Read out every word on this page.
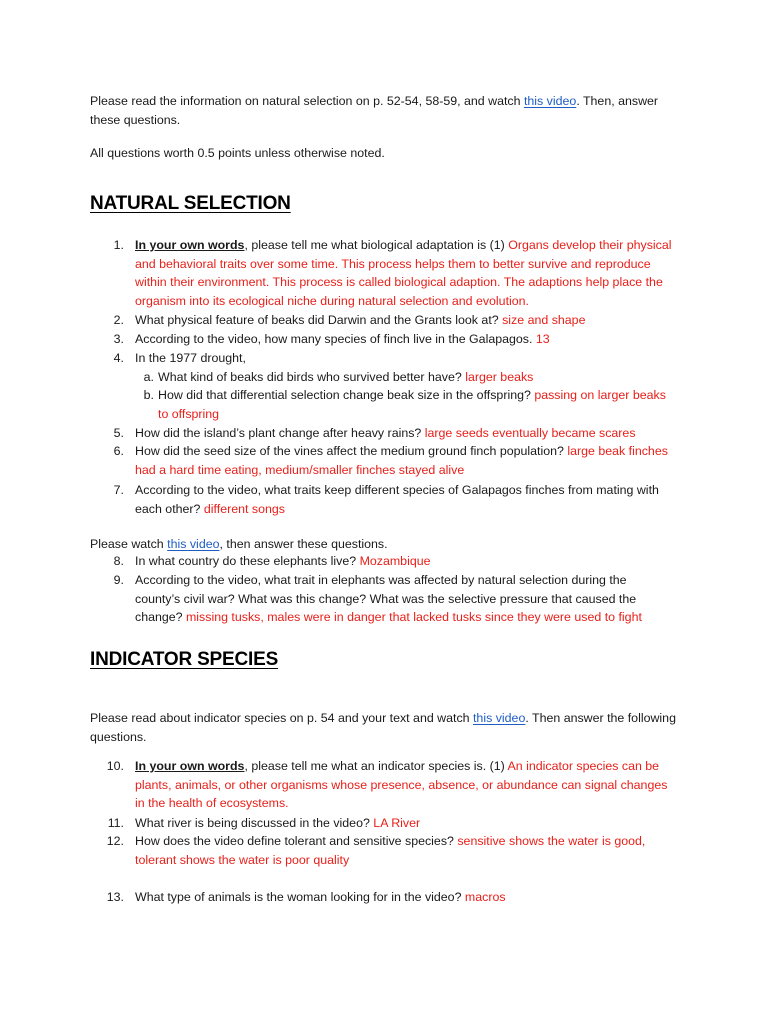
Please read the information on natural selection on p. 52-54, 58-59, and watch this video. Then, answer these questions.

All questions worth 0.5 points unless otherwise noted.

NATURAL SELECTION
1. In your own words, please tell me what biological adaptation is (1) Organs develop their physical and behavioral traits over some time. This process helps them to better survive and reproduce within their environment. This process is called biological adaption. The adaptions help place the organism into its ecological niche during natural selection and evolution.
2. What physical feature of beaks did Darwin and the Grants look at? size and shape
3. According to the video, how many species of finch live in the Galapagos. 13
4. In the 1977 drought,
a. What kind of beaks did birds who survived better have? larger beaks
b. How did that differential selection change beak size in the offspring? passing on larger beaks to offspring
5. How did the island’s plant change after heavy rains? large seeds eventually became scares
6. How did the seed size of the vines affect the medium ground finch population? large beak finches had a hard time eating, medium/smaller finches stayed alive
7. According to the video, what traits keep different species of Galapagos finches from mating with each other? different songs

Please watch this video, then answer these questions.

8. In what country do these elephants live? Mozambique
9. According to the video, what trait in elephants was affected by natural selection during the county’s civil war? What was this change? What was the selective pressure that caused the change? missing tusks, males were in danger that lacked tusks since they were used to fight
INDICATOR SPECIES

Please read about indicator species on p. 54 and your text and watch this video. Then answer the following questions.

10. In your own words, please tell me what an indicator species is. (1) An indicator species can be plants, animals, or other organisms whose presence, absence, or abundance can signal changes in the health of ecosystems.
11. What river is being discussed in the video? LA River
12. How does the video define tolerant and sensitive species? sensitive shows the water is good, tolerant shows the water is poor quality
13. What type of animals is the woman looking for in the video? macros
